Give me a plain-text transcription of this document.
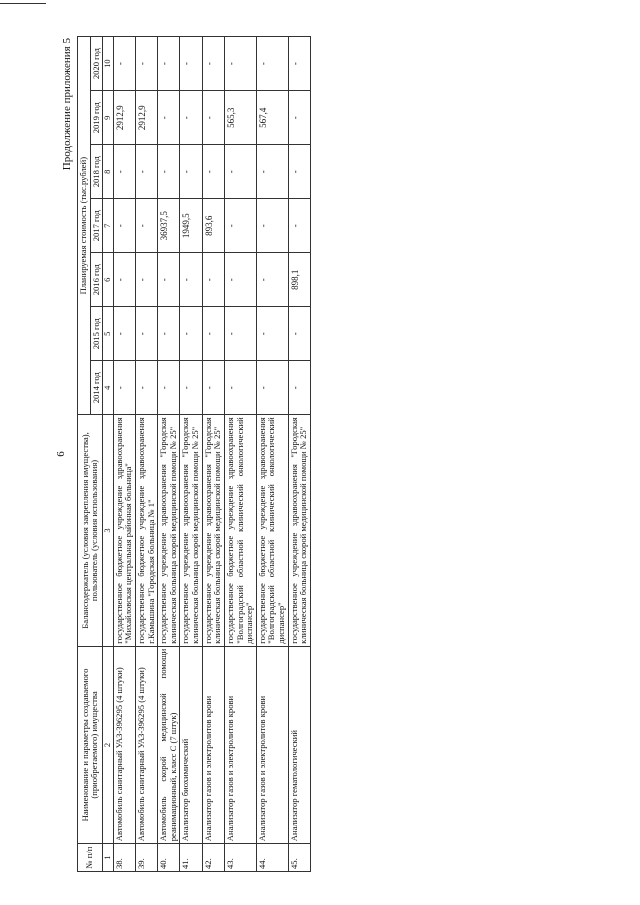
6
Продолжение приложения 5
№ п/п	Наименование и параметры создаваемого (приобретаемого) имущества	Балансодержатель (условия закрепления имущества), пользователь (условия использования)	Планируемая стоимость (тыс.рублей)						
			2014 год	2015 год	2016 год	2017 год	2018 год	2019 год	2020 год
1	2	3	4	5	6	7	8	9	10
38.	Автомобиль санитарный УАЗ-396295 (4 штуки)	государственное бюджетное учреждение здравоохранения "Михайловская центральная районная больница"	-	-	-	-	-	2912,9	-
39.	Автомобиль санитарный УАЗ-396295 (4 штуки)	государственное бюджетное учреждение здравоохранения г.Камышина "Городская больница № 1"	-	-	-	-	-	2912,9	-
40.	Автомобиль скорой медицинской помощи реанимационный, класс С (7 штук)	государственное учреждение здравоохранения "Городская клиническая больница скорой медицинской помощи № 25"	-	-	-	36937,5	-	-	-
41.	Анализатор биохимический	государственное учреждение здравоохранения "Городская клиническая больница скорой медицинской помощи № 25"	-	-	-	1949,5	-	-	-
42.	Анализатор газов и электролитов крови	государственное учреждение здравоохранения "Городская клиническая больница скорой медицинской помощи № 25"	-	-	-	893,6	-	-	-
43.	Анализатор газов и электролитов крови	государственное бюджетное учреждение здравоохранения "Волгоградский областной клинический онкологический диспансер"	-	-	-	-	-	565,3	-
44.	Анализатор газов и электролитов крови	государственное бюджетное учреждение здравоохранения "Волгоградский областной клинический онкологический диспансер"	-	-	-	-	-	567,4	-
45.	Анализатор гематологический	государственное учреждение здравоохранения "Городская клиническая больница скорой медицинской помощи № 25"	-	-	898,1	-	-	-	-
